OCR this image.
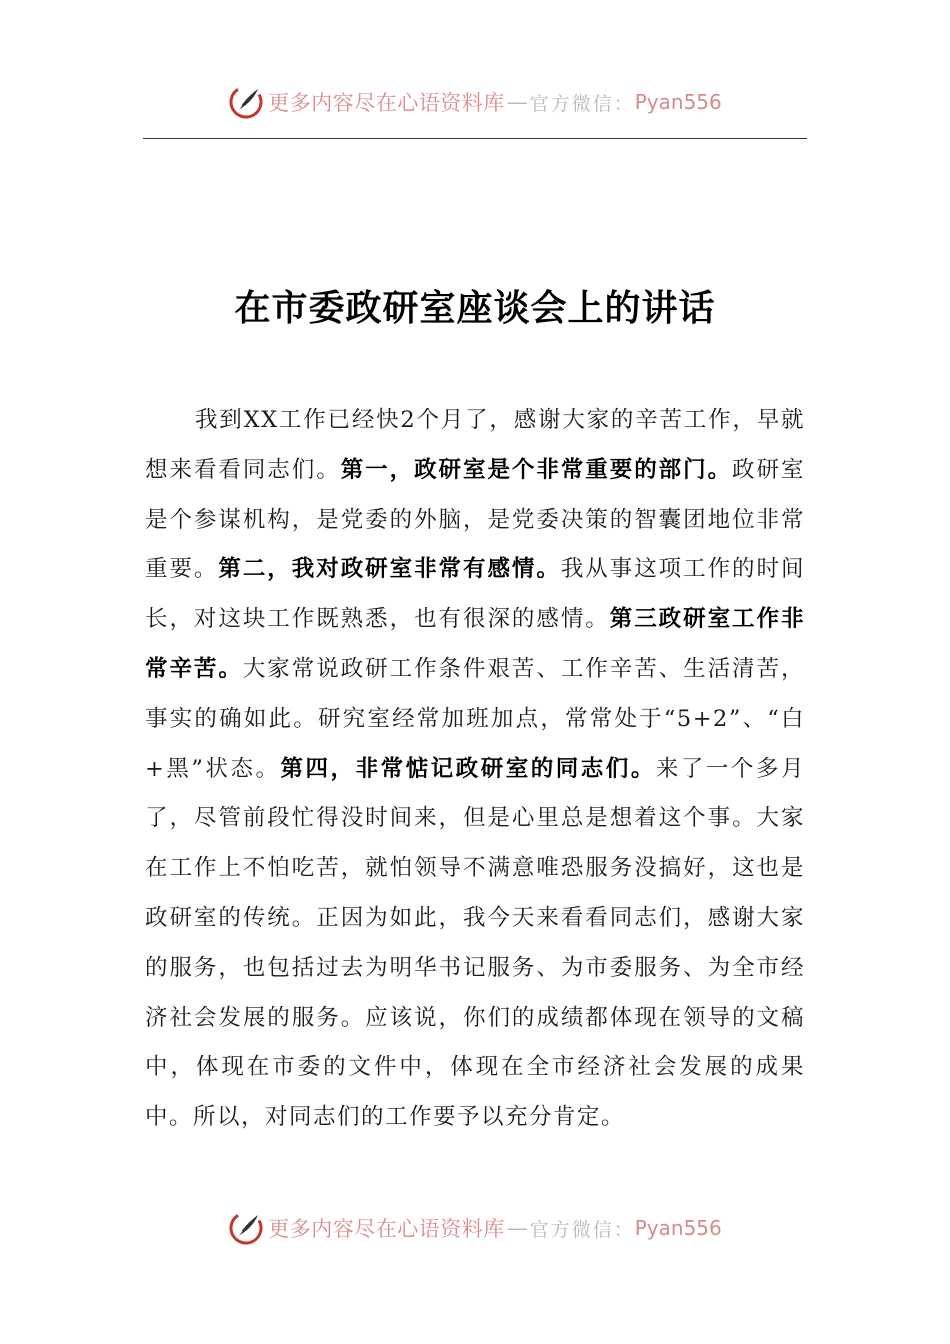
更多内容尽在心语资料库 — 官方微信： Pyan556
在市委政研室座谈会上的讲话

我到XX工作已经快2个月了，感谢大家的辛苦工作，早就想来看看同志们。第一，政研室是个非常重要的部门。政研室是个参谋机构，是党委的外脑，是党委决策的智囊团地位非常重要。第二，我对政研室非常有感情。我从事这项工作的时间长，对这块工作既熟悉，也有很深的感情。第三政研室工作非常辛苦。大家常说政研工作条件艰苦、工作辛苦、生活清苦，事实的确如此。研究室经常加班加点，常常处于“5+2”、“白+黑”状态。第四，非常惦记政研室的同志们。来了一个多月了，尽管前段忙得没时间来，但是心里总是想着这个事。大家在工作上不怕吃苦，就怕领导不满意唯恐服务没搞好，这也是政研室的传统。正因为如此，我今天来看看同志们，感谢大家的服务，也包括过去为明华书记服务、为市委服务、为全市经济社会发展的服务。应该说，你们的成绩都体现在领导的文稿中，体现在市委的文件中，体现在全市经济社会发展的成果中。所以，对同志们的工作要予以充分肯定。

更多内容尽在心语资料库 — 官方微信： Pyan556
